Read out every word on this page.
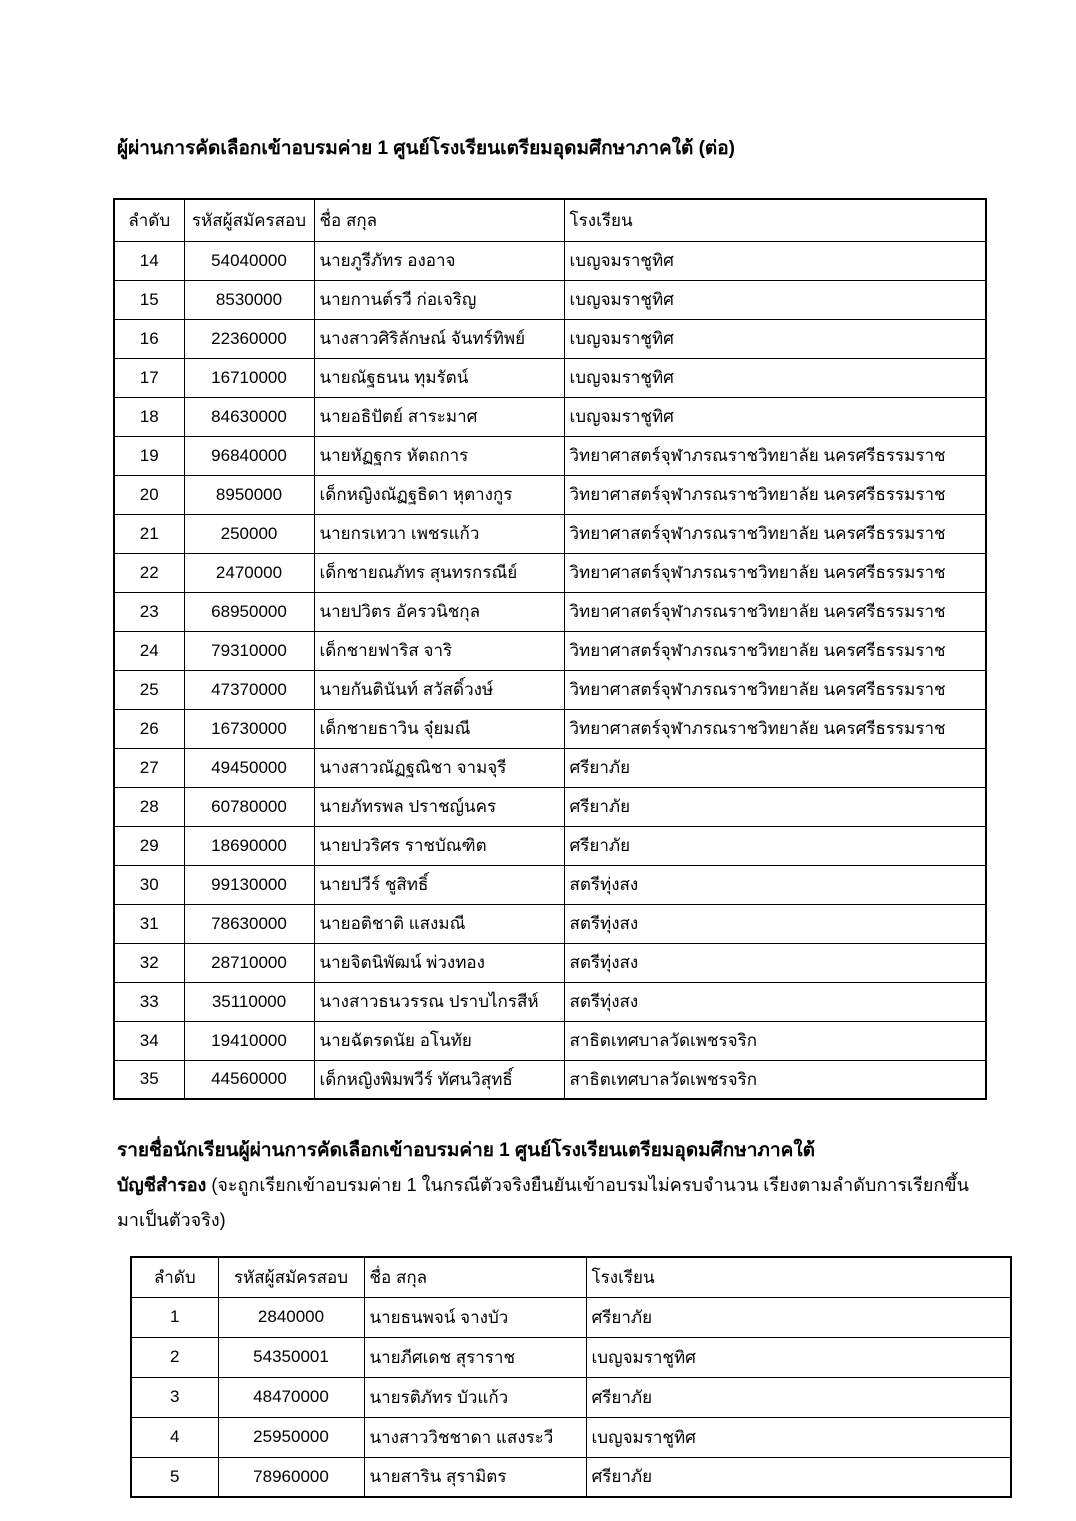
ผู้ผ่านการคัดเลือกเข้าอบรมค่าย 1 ศูนย์โรงเรียนเตรียมอุดมศึกษาภาคใต้ (ต่อ)
ลำดับ	รหัสผู้สมัครสอบ	ชื่อ สกุล	โรงเรียน
14	54040000	นายภูรีภัทร องอาจ	เบญจมราชูทิศ
15	8530000	นายกานต์รวี ก่อเจริญ	เบญจมราชูทิศ
16	22360000	นางสาวศิริลักษณ์ จันทร์ทิพย์	เบญจมราชูทิศ
17	16710000	นายณัฐธนน ทุมรัตน์	เบญจมราชูทิศ
18	84630000	นายอธิปัตย์ สาระมาศ	เบญจมราชูทิศ
19	96840000	นายหัฏฐกร หัตถการ	วิทยาศาสตร์จุฬาภรณราชวิทยาลัย นครศรีธรรมราช
20	8950000	เด็กหญิงณัฏฐธิดา หุตางกูร	วิทยาศาสตร์จุฬาภรณราชวิทยาลัย นครศรีธรรมราช
21	250000	นายกรเทวา เพชรแก้ว	วิทยาศาสตร์จุฬาภรณราชวิทยาลัย นครศรีธรรมราช
22	2470000	เด็กชายณภัทร สุนทรกรณีย์	วิทยาศาสตร์จุฬาภรณราชวิทยาลัย นครศรีธรรมราช
23	68950000	นายปวิตร อัครวนิชกุล	วิทยาศาสตร์จุฬาภรณราชวิทยาลัย นครศรีธรรมราช
24	79310000	เด็กชายฟาริส จาริ	วิทยาศาสตร์จุฬาภรณราชวิทยาลัย นครศรีธรรมราช
25	47370000	นายกันตินันท์ สวัสดิ์วงษ์	วิทยาศาสตร์จุฬาภรณราชวิทยาลัย นครศรีธรรมราช
26	16730000	เด็กชายธาวิน จุ๋ยมณี	วิทยาศาสตร์จุฬาภรณราชวิทยาลัย นครศรีธรรมราช
27	49450000	นางสาวณัฏฐณิชา จามจุรี	ศรียาภัย
28	60780000	นายภัทรพล ปราชญ์นคร	ศรียาภัย
29	18690000	นายปวริศร ราชบัณฑิต	ศรียาภัย
30	99130000	นายปวีร์ ชูสิทธิ์	สตรีทุ่งสง
31	78630000	นายอติชาติ แสงมณี	สตรีทุ่งสง
32	28710000	นายจิตนิพัฒน์ พ่วงทอง	สตรีทุ่งสง
33	35110000	นางสาวธนวรรณ ปราบไกรสีห์	สตรีทุ่งสง
34	19410000	นายฉัตรดนัย อโนทัย	สาธิตเทศบาลวัดเพชรจริก
35	44560000	เด็กหญิงพิมพวีร์ ทัศนวิสุทธิ์	สาธิตเทศบาลวัดเพชรจริก
รายชื่อนักเรียนผู้ผ่านการคัดเลือกเข้าอบรมค่าย 1 ศูนย์โรงเรียนเตรียมอุดมศึกษาภาคใต้

บัญชีสำรอง (จะถูกเรียกเข้าอบรมค่าย 1 ในกรณีตัวจริงยืนยันเข้าอบรมไม่ครบจำนวน เรียงตามลำดับการเรียกขึ้นมาเป็นตัวจริง)

ลำดับ	รหัสผู้สมัครสอบ	ชื่อ สกุล	โรงเรียน
1	2840000	นายธนพจน์ จางบัว	ศรียาภัย
2	54350001	นายภีศเดช สุราราช	เบญจมราชูทิศ
3	48470000	นายรติภัทร บัวแก้ว	ศรียาภัย
4	25950000	นางสาววิชชาดา แสงระวี	เบญจมราชูทิศ
5	78960000	นายสาริน สุรามิตร	ศรียาภัย
